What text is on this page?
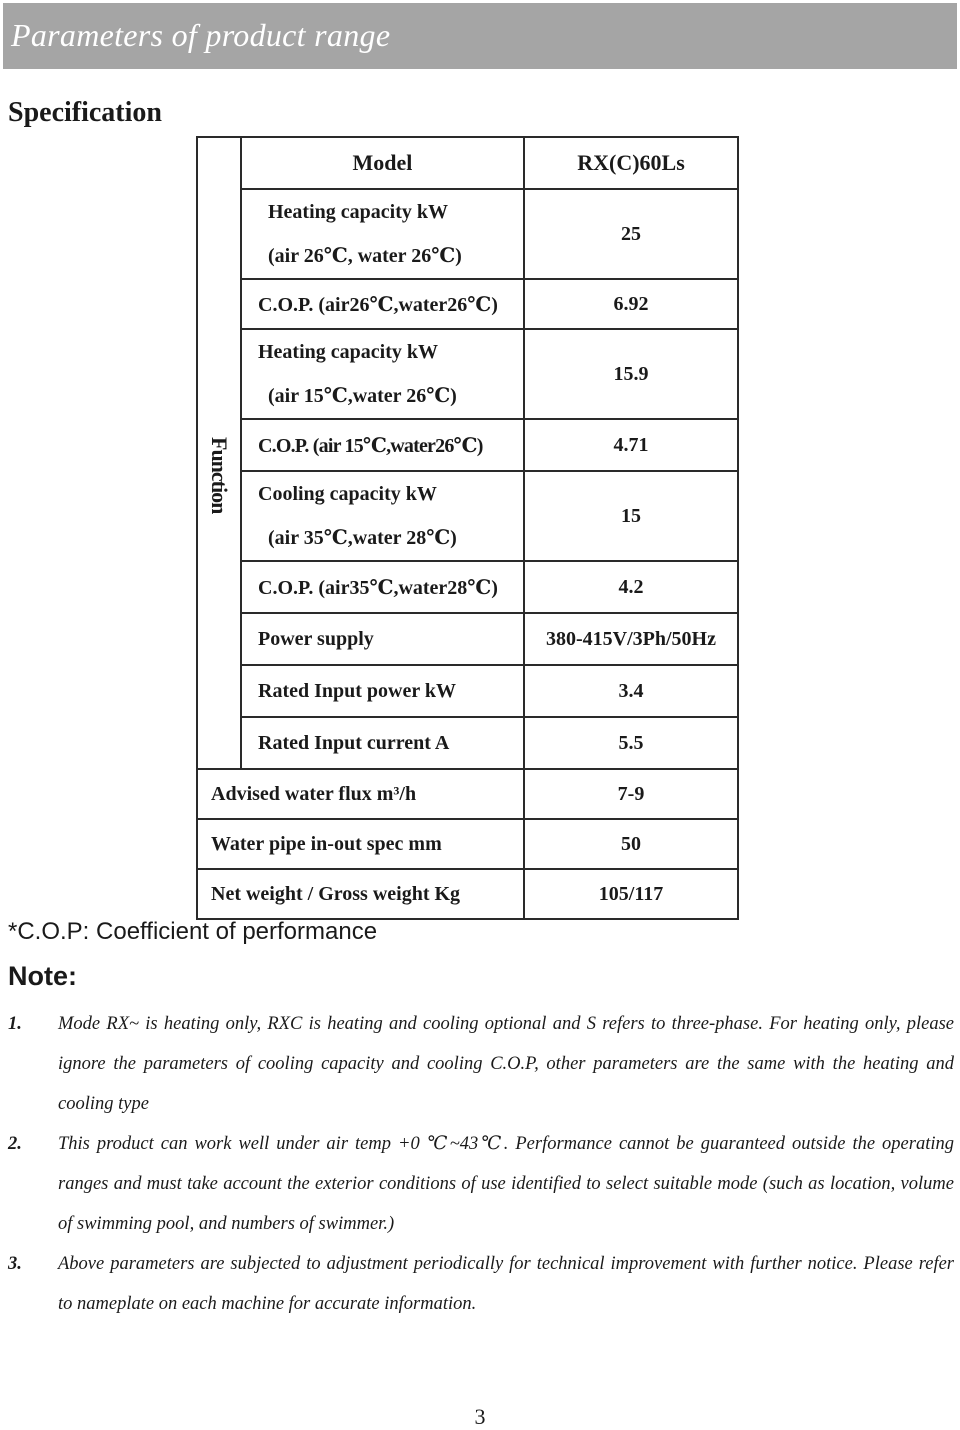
Parameters of product range
Specification
	Model	RX(C)60Ls
Function	Heating capacity kW
(air 26℃, water 26℃)	25
	C.O.P. (air26℃,water26℃)	6.92

	Heating capacity kW
(air 15℃,water 26℃)	15.9
	C.O.P. (air 15℃,water26℃)	4.71

	Cooling capacity kW
(air 35℃,water 28℃)	15
	C.O.P. (air35℃,water28℃)	4.2
	Power supply	380-415V/3Ph/50Hz
	Rated Input power kW	3.4
	Rated Input current A	5.5
Advised water flux m³/h		7-9
Water pipe in-out spec mm		50
Net weight / Gross weight Kg		105/117
*C.O.P: Coefficient of performance
Note:
1. Mode RX~ is heating only, RXC is heating and cooling optional and S refers to three-phase. For heating only, please ignore the parameters of cooling capacity and cooling C.O.P, other parameters are the same with the heating and cooling type
2. This product can work well under air temp +0 ℃~43℃. Performance cannot be guaranteed outside the operating ranges and must take account the exterior conditions of use identified to select suitable mode (such as location, volume of swimming pool, and numbers of swimmer.)
3. Above parameters are subjected to adjustment periodically for technical improvement with further notice. Please refer to nameplate on each machine for accurate information.
3
